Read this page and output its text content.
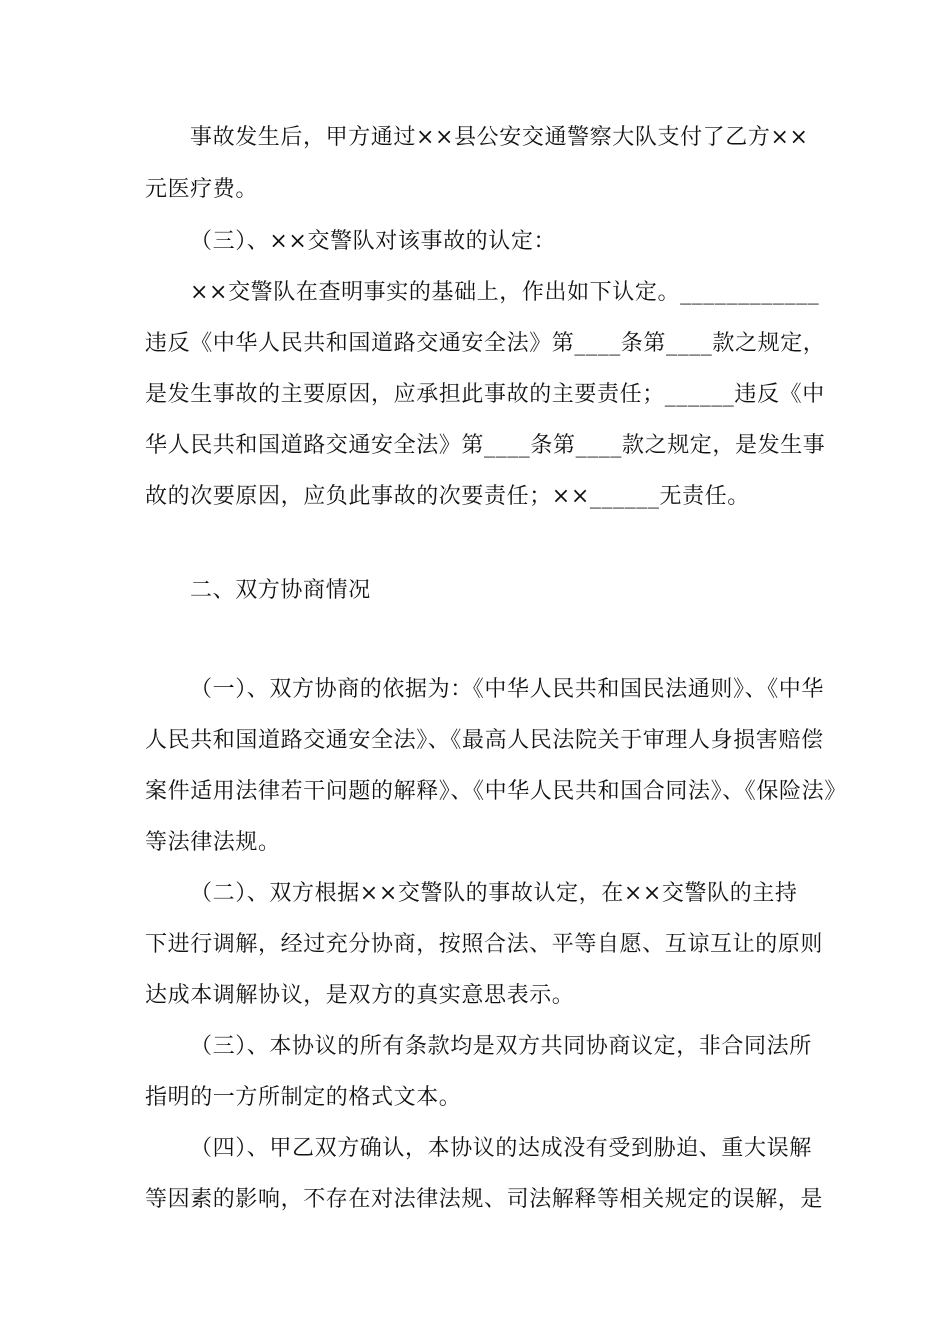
事故发生后，甲方通过××县公安交通警察大队支付了乙方××
元医疗费。
（三）、××交警队对该事故的认定：
××交警队在查明事实的基础上，作出如下认定。____________
违反《中华人民共和国道路交通安全法》第____条第____款之规定，
是发生事故的主要原因，应承担此事故的主要责任；______违反《中
华人民共和国道路交通安全法》第____条第____款之规定，是发生事
故的次要原因，应负此事故的次要责任；××______无责任。
二、双方协商情况
（一）、双方协商的依据为：《中华人民共和国民法通则》、《中华
人民共和国道路交通安全法》、《最高人民法院关于审理人身损害赔偿
案件适用法律若干问题的解释》、《中华人民共和国合同法》、《保险法》
等法律法规。
（二）、双方根据××交警队的事故认定，在××交警队的主持
下进行调解，经过充分协商，按照合法、平等自愿、互谅互让的原则
达成本调解协议，是双方的真实意思表示。
（三）、本协议的所有条款均是双方共同协商议定，非合同法所
指明的一方所制定的格式文本。
（四）、甲乙双方确认，本协议的达成没有受到胁迫、重大误解
等因素的影响，不存在对法律法规、司法解释等相关规定的误解，是
